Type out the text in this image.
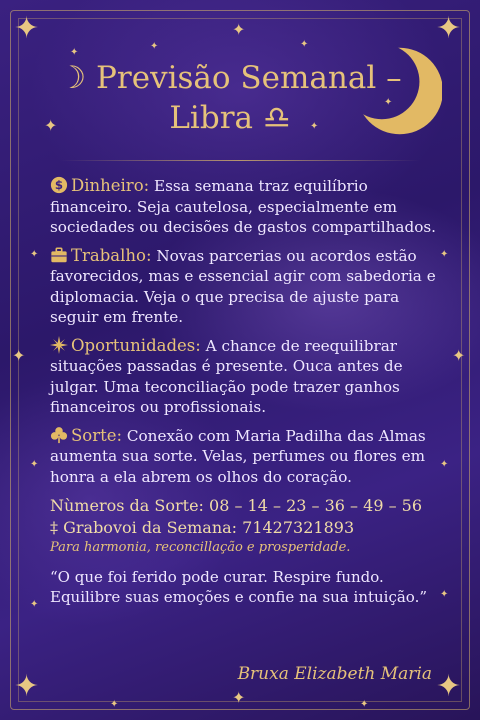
✦	✦
✦	✦
✦
✦
✦
✦	✦
✦
✦	✦
✦
✦	✦
✦	✦
✦
✦
✦	✦
☽ Previsão Semanal –
Libra ♎︎
$ Dinheiro: Essa semana traz equilíbrio financeiro. Seja cautelosa, especialmente em sociedades ou decisões de gastos compartilhados.
Trabalho: Novas parcerias ou acordos estão favorecidos, mas e essencial agir com sabedoria e diplomacia. Veja o que precisa de ajuste para seguir em frente.
Oportunidades: A chance de reequilibrar situações passadas é presente. Ouca antes de julgar. Uma teconciliação pode trazer ganhos financeiros ou profissionais.
Sorte: Conexão com Maria Padilha das Almas aumenta sua sorte. Velas, perfumes ou flores em honra a ela abrem os olhos do coração.
Nùmeros da Sorte: 08 – 14 – 23 – 36 – 49 – 56
‡ Grabovoi da Semana: 71427321893
Para harmonia, reconcillação e prosperidade.
“O que foi ferido pode curar. Respire fundo. Equilibre suas emoções e confie na sua intuição.”
Bruxa Elizabeth Maria
